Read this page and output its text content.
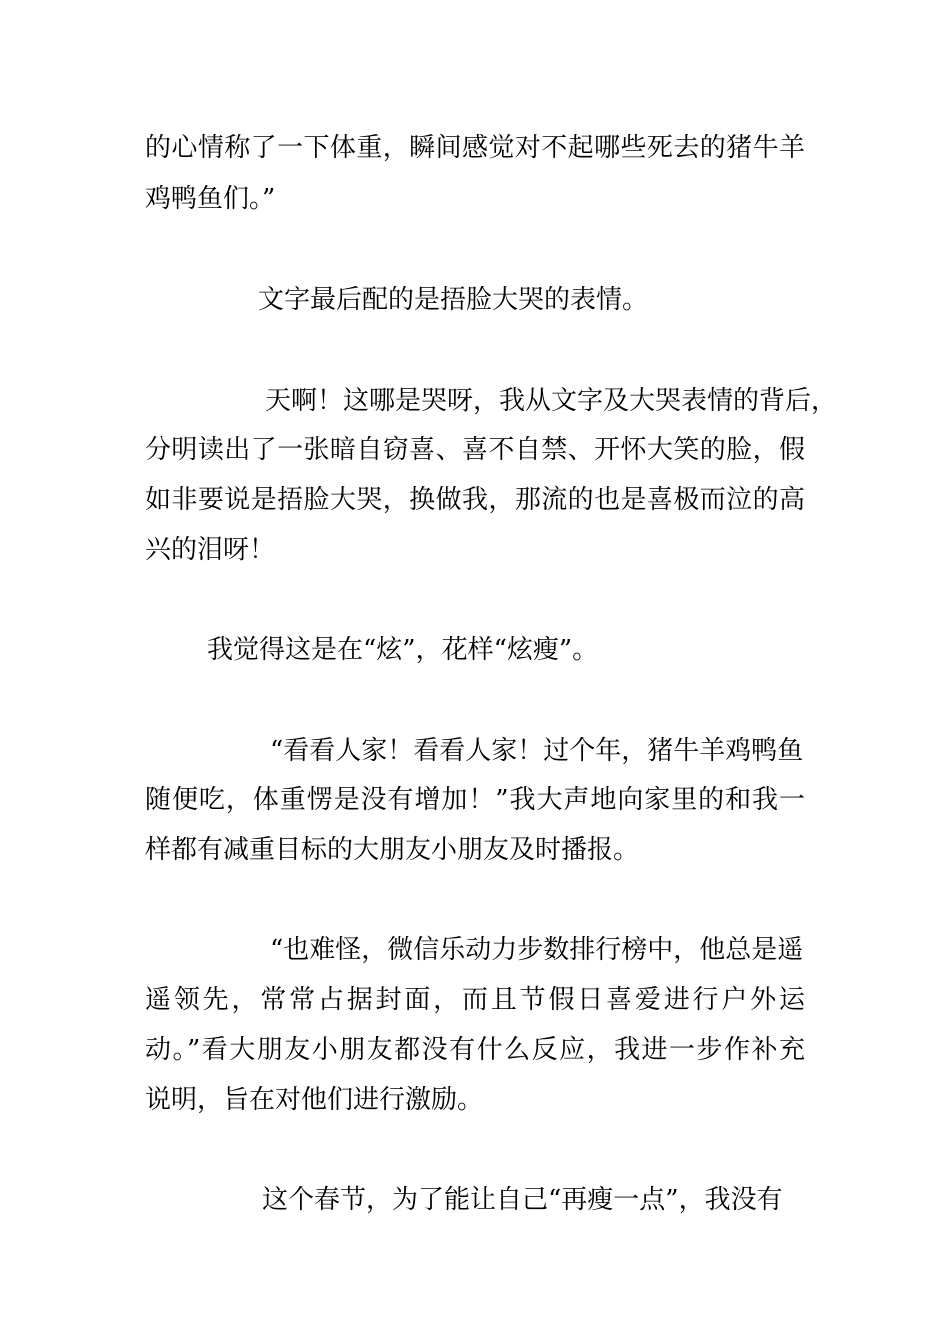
的心情称了一下体重，瞬间感觉对不起哪些死去的猪牛羊
鸡鸭鱼们。”
文字最后配的是捂脸大哭的表情。
天啊！这哪是哭呀，我从文字及大哭表情的背后，
分明读出了一张暗自窃喜、喜不自禁、开怀大笑的脸，假
如非要说是捂脸大哭，换做我，那流的也是喜极而泣的高
兴的泪呀！
我觉得这是在“炫”，花样“炫瘦”。
“看看人家！看看人家！过个年，猪牛羊鸡鸭鱼
随便吃，体重愣是没有增加！”我大声地向家里的和我一
样都有减重目标的大朋友小朋友及时播报。
“也难怪，微信乐动力步数排行榜中，他总是遥
遥领先，常常占据封面，而且节假日喜爱进行户外运
动。”看大朋友小朋友都没有什么反应，我进一步作补充
说明，旨在对他们进行激励。
这个春节，为了能让自己“再瘦一点”，我没有
